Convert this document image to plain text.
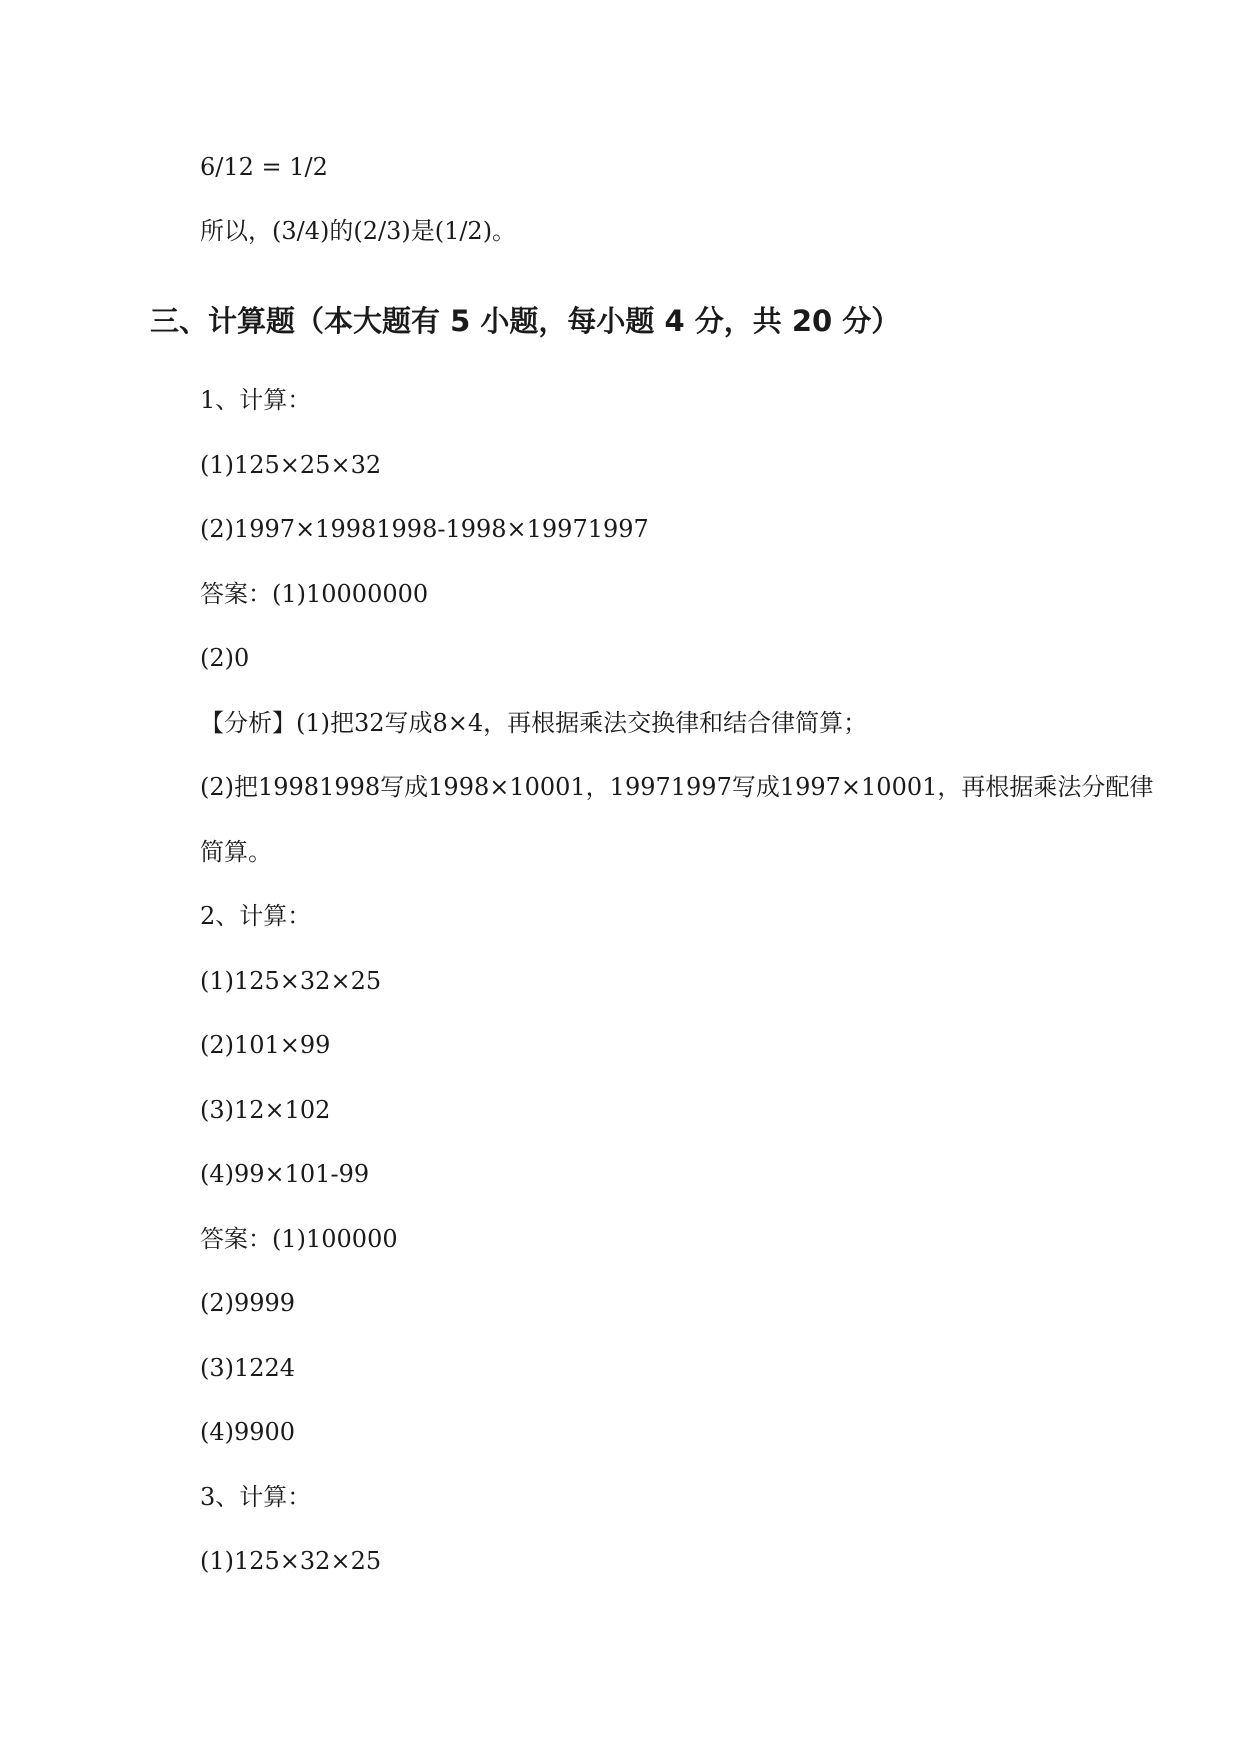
6/12 = 1/2
所以，(3/4)的(2/3)是(1/2)。
三、计算题（本大题有 5 小题，每小题 4 分，共 20 分）
1、计算：
(1)125×25×32
(2)1997×19981998-1998×19971997
答案：(1)10000000
(2)0
【分析】(1)把32写成8×4，再根据乘法交换律和结合律简算；
(2)把19981998写成1998×10001，19971997写成1997×10001，再根据乘法分配律
简算。
2、计算：
(1)125×32×25
(2)101×99
(3)12×102
(4)99×101-99
答案：(1)100000
(2)9999
(3)1224
(4)9900
3、计算：
(1)125×32×25
